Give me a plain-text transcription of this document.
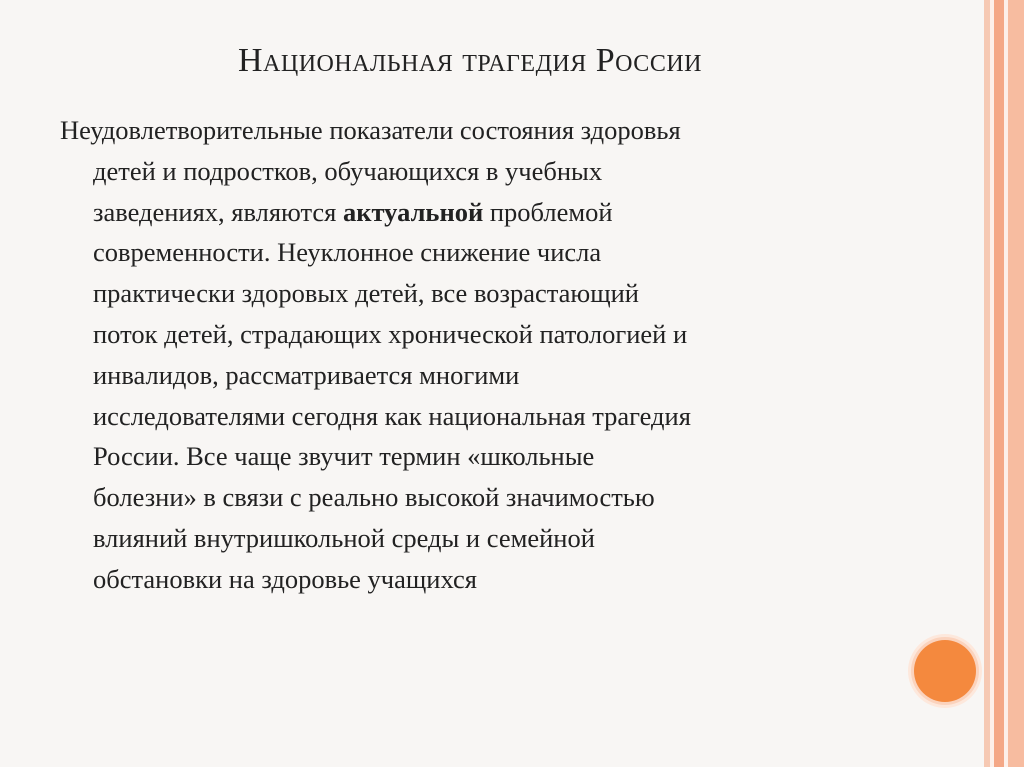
Национальная трагедия России
Неудовлетворительные показатели состояния здоровья
детей и подростков, обучающихся в учебных
заведениях, являются актуальной проблемой
современности. Неуклонное снижение числа
практически здоровых детей, все возрастающий
поток детей, страдающих хронической патологией и
инвалидов, рассматривается многими
исследователями сегодня как национальная трагедия
России. Все чаще звучит термин «школьные
болезни» в связи с реально высокой значимостью
влияний внутришкольной среды и семейной
обстановки на здоровье учащихся
